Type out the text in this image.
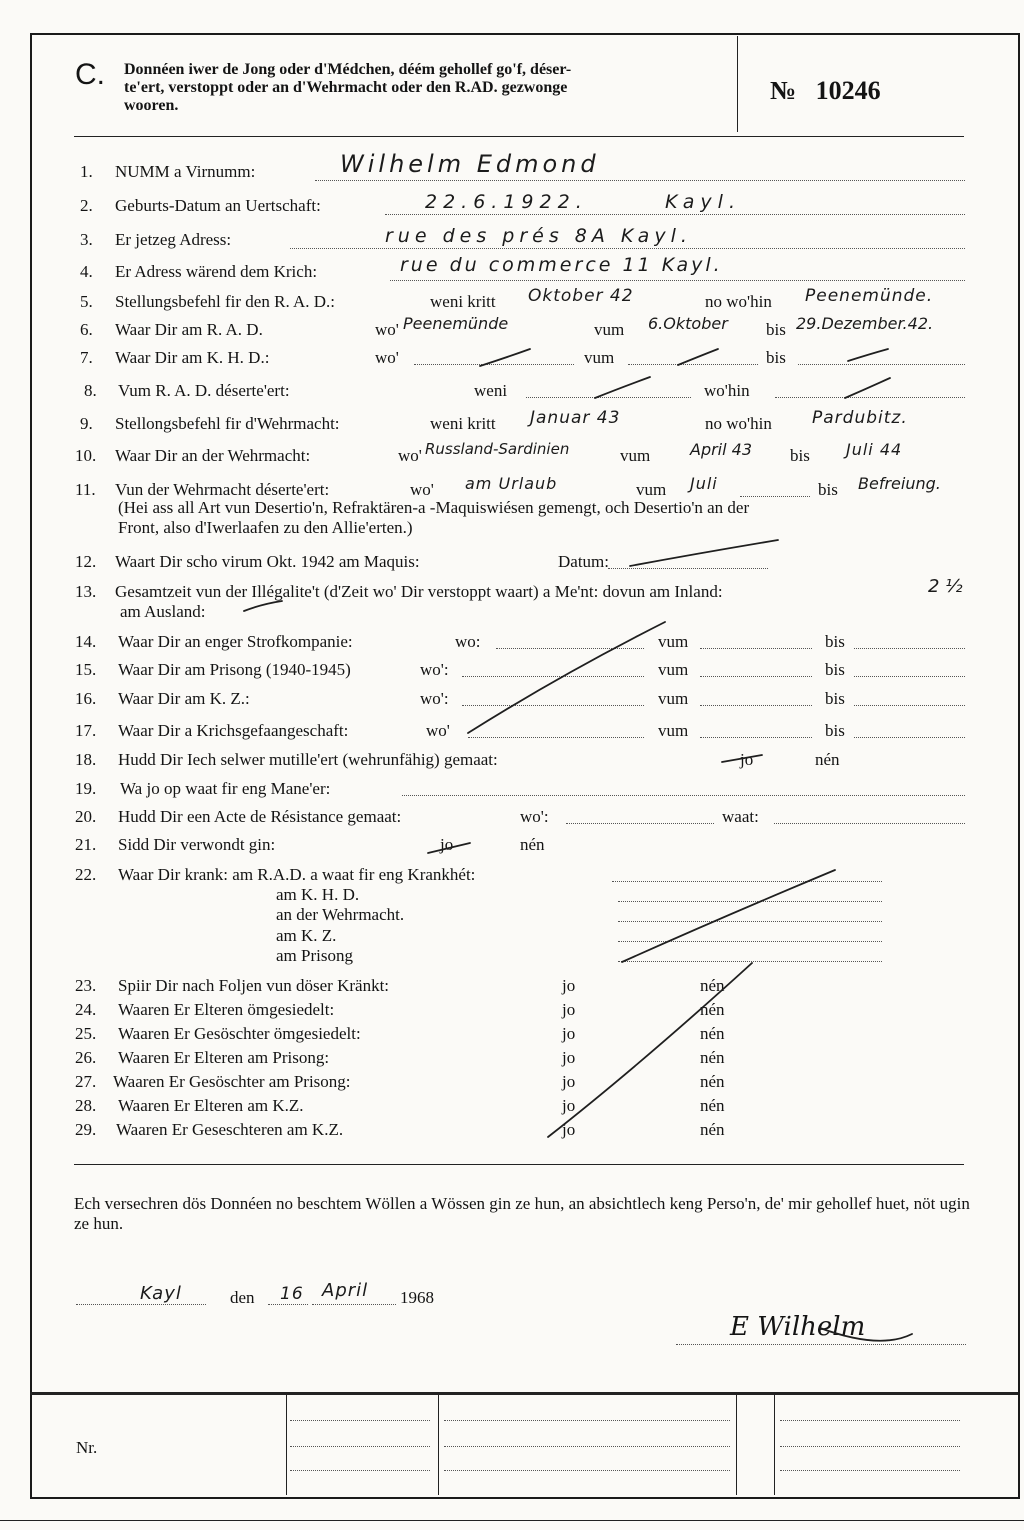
C. Donnéen iwer de Jong oder d'Médchen, déém gehollef go'f, déser-
te'ert, verstoppt oder an d'Wehrmacht oder den R.AD. gezwonge
wooren.
№ 10246
1. NUMM a Virnumm:	Wilhelm Edmond
2. Geburts-Datum an Uertschaft:	22.6.1922.	Kayl.
3. Er jetzeg Adress:	rue des prés 8A Kayl.
4. Er Adress wärend dem Krich:	rue du commerce 11 Kayl.
5. Stellungsbefehl fir den R. A. D.:	weni kritt Oktober 42	no wo'hin Peenemünde.
6. Waar Dir am R. A. D.	wo' Peenemünde	vum 6.Oktober bis 29.Dezember.42.
7. Waar Dir am K. H. D.:	wo'	vum	bis
8. Vum R. A. D. déserte'ert:	weni	wo'hin
9. Stellongsbefehl fir d'Wehrmacht:	weni kritt Januar 43	no wo'hin Pardubitz.
10. Waar Dir an der Wehrmacht:	wo' Russland-Sardinien	vum April 43 bis Juli 44
11. Vun der Wehrmacht déserte'ert:	wo' am Urlaub	vum Juli	bis Befreiung.
(Hei ass all Art vun Desertio'n, Refraktären-a -Maquiswiésen gemengt, och Desertio'n an der
Front, also d'Iwerlaafen zu den Allie'erten.)
12. Waart Dir scho virum Okt. 1942 am Maquis:	Datum:
13. Gesamtzeit vun der Illégalite't (d'Zeit wo' Dir verstoppt waart) a Me'nt: dovun am Inland:	2 ½
am Ausland:
14. Waar Dir an enger Strofkompanie:	wo:	vum	bis
15. Waar Dir am Prisong (1940-1945)	wo':	vum	bis
16. Waar Dir am K. Z.:	wo':	vum	bis
17. Waar Dir a Krichsgefaangeschaft:	wo'	vum	bis
18. Hudd Dir Iech selwer mutille'ert (wehrunfähig) gemaat:	jo	nén
19. Wa jo op waat fir eng Mane'er:
20. Hudd Dir een Acte de Résistance gemaat:	wo':	waat:
21. Sidd Dir verwondt gin:	jo	nén
22. Waar Dir krank: am R.A.D. a waat fir eng Krankhét:
am K. H. D.
an der Wehrmacht.
am K. Z.
am Prisong
23. Spiir Dir nach Foljen vun döser Kränkt:	jo	nén
24. Waaren Er Elteren ömgesiedelt:	jo	nén
25. Waaren Er Gesöschter ömgesiedelt:	jo	nén
26. Waaren Er Elteren am Prisong:	jo	nén
27. Waaren Er Gesöschter am Prisong:	jo	nén
28. Waaren Er Elteren am K.Z.	jo	nén
29. Waaren Er Geseschteren am K.Z.	jo	nén
Ech versechren dös Donnéen no beschtem Wöllen a Wössen gin ze hun, an absichtlech keng Perso'n, de' mir gehollef huet, nöt ugin ze hun.
Kayl	den 16 April 1968
E Wilhelm
Nr.
